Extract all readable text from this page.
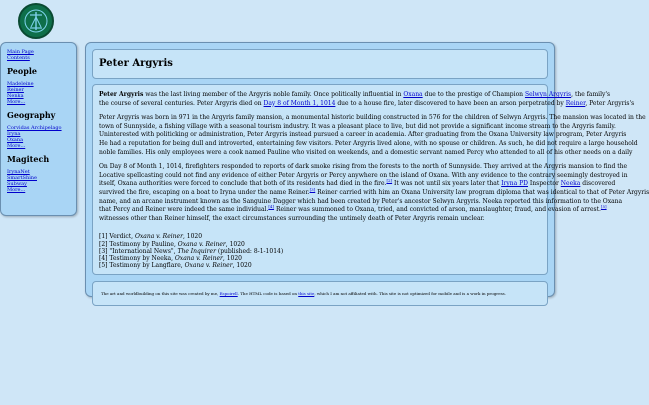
Main Page
Contents
People
Madeleine
Reiner
Nenka
More...
Geography
Corvidas Archipelago
Iryna
Oxana
More...
Magitech
IrynaNet
SmartShine
Subway
More...
Peter Argyris

Peter Argyris was the last living member of the Argyris noble family. Once politically influential in Oxana due to the prestige of Champion Selwyn Argyris, the family's
the course of several centuries. Peter Argyris died on Day 8 of Month 1, 1014 due to a house fire, later discovered to have been an arson perpetrated by Reiner, Peter Argyris's

Peter Argyris was born in 971 in the Argyris family mansion, a monumental historic building constructed in 576 for the children of Selwyn Argyris. The mansion was located in the
town of Sunnyside, a fishing village with a seasonal tourism industry. It was a pleasant place to live, but did not provide a significant income stream to the Argyris family.
Uninterested with politicking or administration, Peter Argyris instead pursued a career in academia. After graduating from the Oxana University law program, Peter Argyris
He had a reputation for being dull and introverted, entertaining few visitors. Peter Argyris lived alone, with no spouse or children. As such, he did not require a large household
noble families. His only employees were a cook named Pauline who visited on weekends, and a domestic servant named Percy who attended to all of his other needs on a daily

On Day 8 of Month 1, 1014, firefighters responded to reports of dark smoke rising from the forests to the north of Sunnyside. They arrived at the Argyris mansion to find the
Locative spellcasting could not find any evidence of either Peter Argyris or Percy anywhere on the island of Oxana. With any evidence to the contrary seemingly destroyed in
itself, Oxana authorities were forced to conclude that both of its residents had died in the fire.[2] It was not until six years later that Iryna PD Inspector Neeka discovered
survived the fire, escaping on a boat to Iryna under the name Reiner.[3] Reiner carried with him an Oxana University law program diploma that was identical to that of Peter Argyris
name, and an arcane instrument known as the Sanguine Dagger which had been created by Peter's ancestor Selwyn Argyris. Neeka reported this information to the Oxana
that Percy and Reiner were indeed the same individual.[4] Reiner was summoned to Oxana, tried, and convicted of arson, manslaughter, fraud, and evasion of arrest.[5]
witnesses other than Reiner himself, the exact circumstances surrounding the untimely death of Peter Argyris remain unclear.

[1] Verdict, Oxana v. Reiner, 1020
[2] Testimony by Pauline, Oxana v. Reiner, 1020
[3] "International News", The Inquirer (published: 8-1-1014)
[4] Testimony by Neeka, Oxana v. Reiner, 1020
[5] Testimony by Langflare, Oxana v. Reiner, 1020
The art and worldbuilding on this site was created by me, Espoirell. The HTML code is based on this site, which I am not affiliated with. This site is not optimized for mobile and is a work in progress.
